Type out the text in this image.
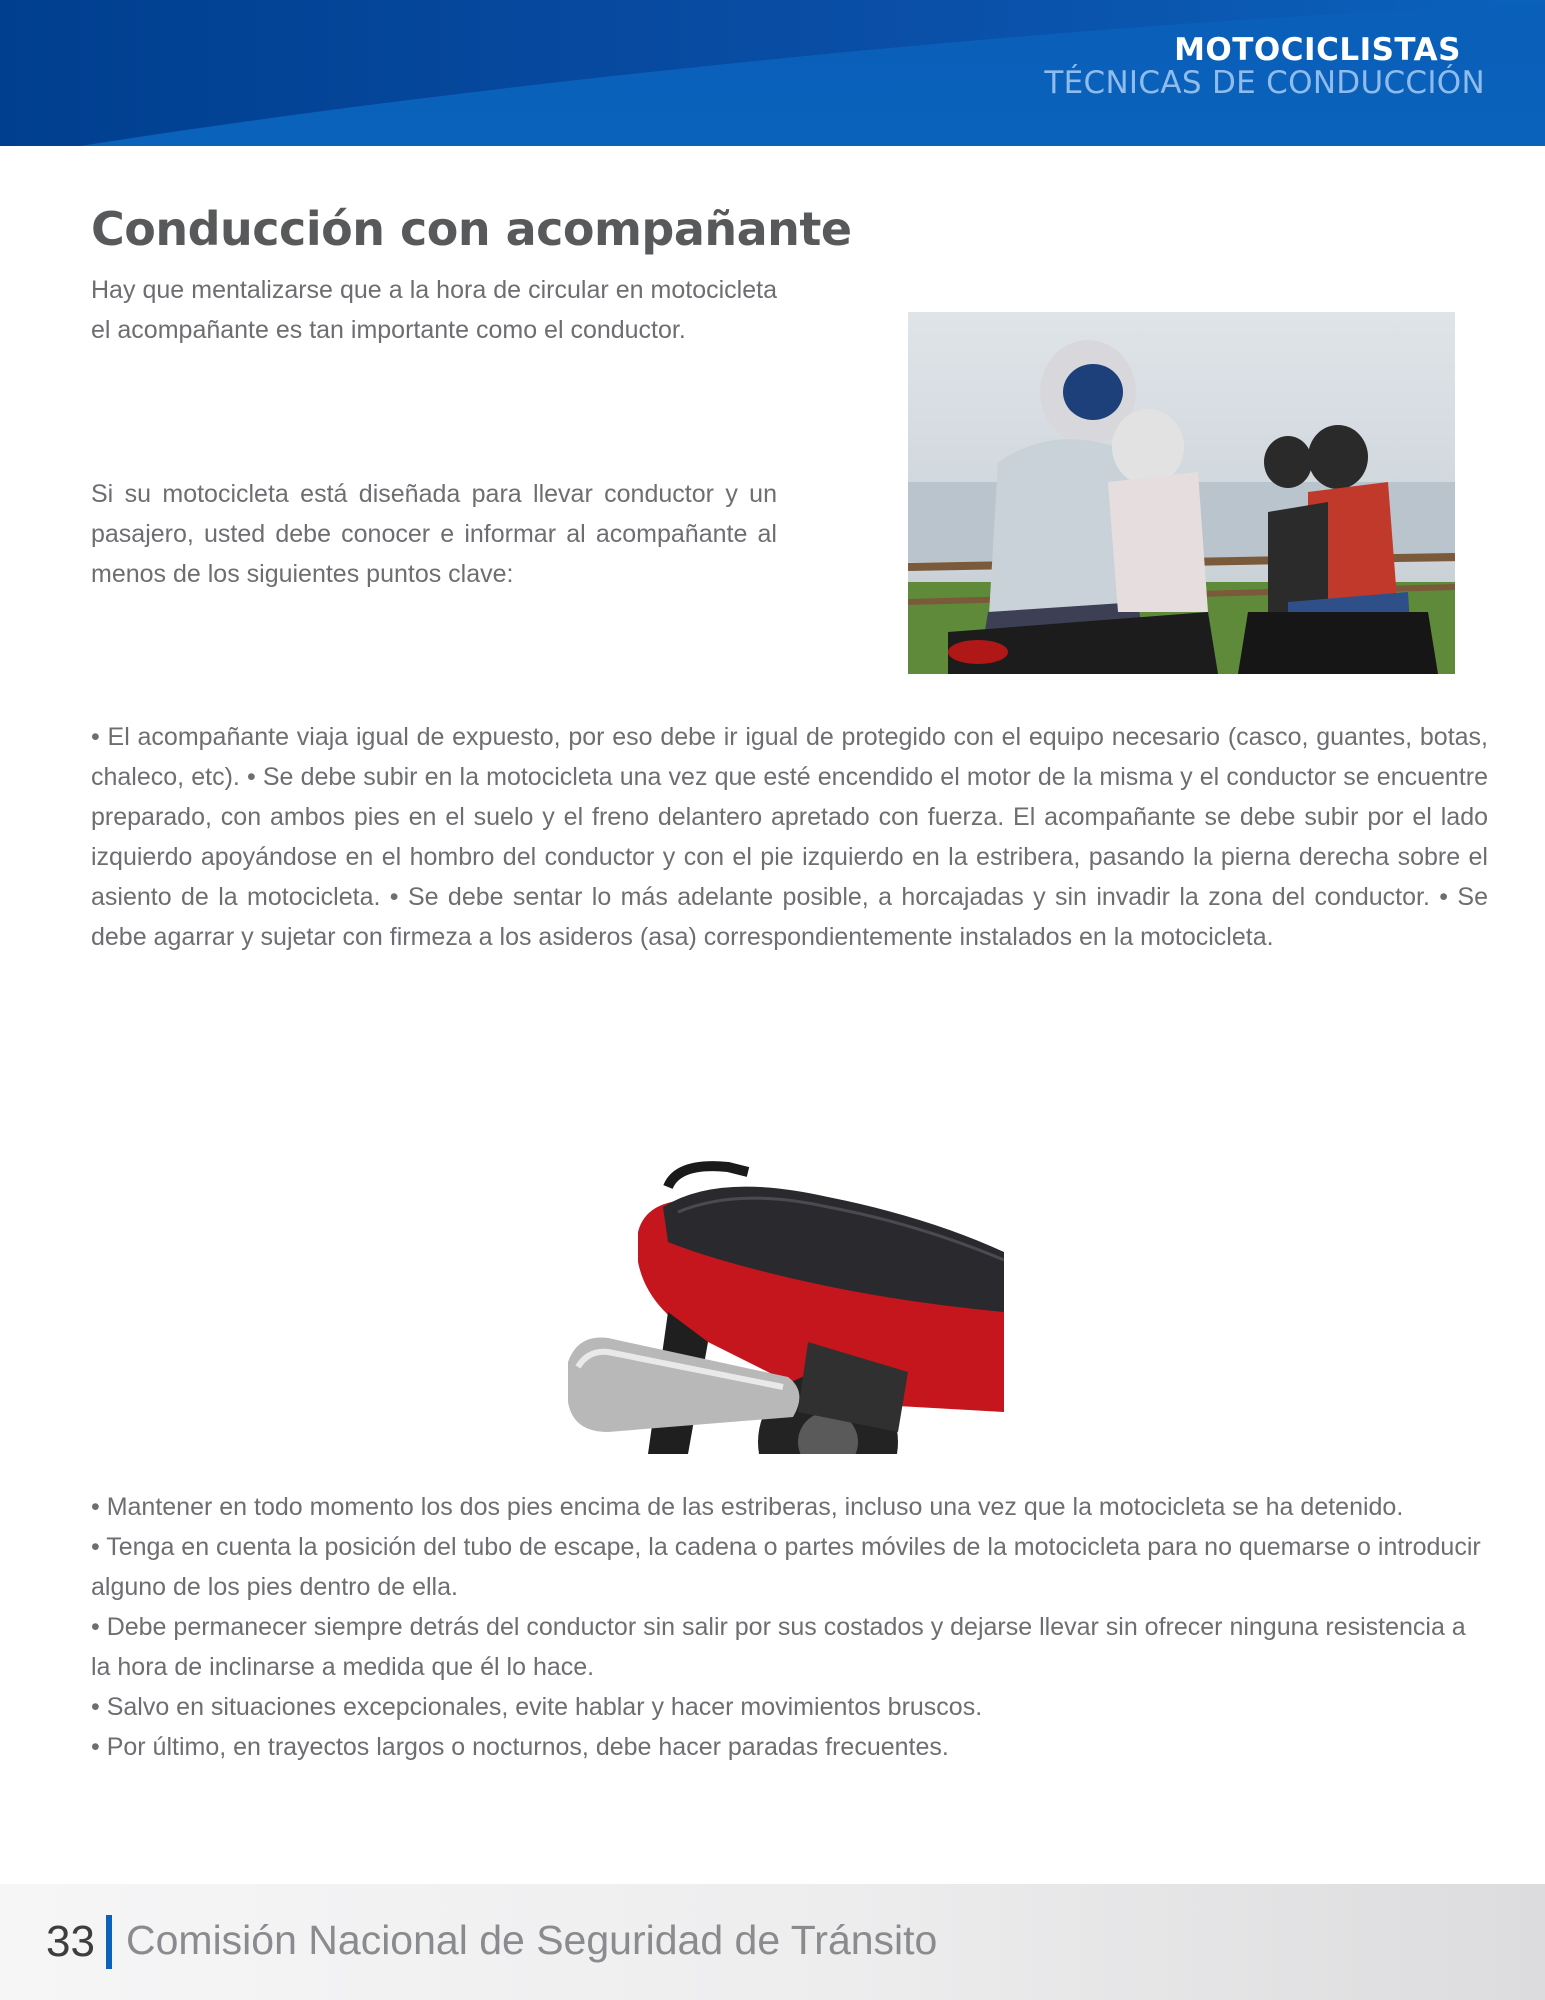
MOTOCICLISTAS
TÉCNICAS DE CONDUCCIÓN
Conducción con acompañante

Hay que mentalizarse que a la hora de circular en motocicleta el acompañante es tan importante como el conductor.

Si su motocicleta está diseñada para llevar conductor y un pasajero, usted debe conocer e informar al acompañante al menos de los siguientes puntos clave:

• El acompañante viaja igual de expuesto, por eso debe ir igual de protegido con el equipo necesario (casco, guantes, botas, chaleco, etc). • Se debe subir en la motocicleta una vez que esté encendido el motor de la misma y el conductor se encuentre preparado, con ambos pies en el suelo y el freno delantero apretado con fuerza. El acompañante se debe subir por el lado izquierdo apoyándose en el hombro del conductor y con el pie izquierdo en la estribera, pasando la pierna derecha sobre el asiento de la motocicleta. • Se debe sentar lo más adelante posible, a horcajadas y sin invadir la zona del conductor. • Se debe agarrar y sujetar con firmeza a los asideros (asa) correspondientemente instalados en la motocicleta.

• Mantener en todo momento los dos pies encima de las estriberas, incluso una vez que la motocicleta se ha detenido.
• Tenga en cuenta la posición del tubo de escape, la cadena o partes móviles de la motocicleta para no quemarse o introducir alguno de los pies dentro de ella.
• Debe permanecer siempre detrás del conductor sin salir por sus costados y dejarse llevar sin ofrecer ninguna resistencia a la hora de inclinarse a medida que él lo hace.
• Salvo en situaciones excepcionales, evite hablar y hacer movimientos bruscos.
• Por último, en trayectos largos o nocturnos, debe hacer paradas frecuentes.
33 Comisión Nacional de Seguridad de Tránsito
